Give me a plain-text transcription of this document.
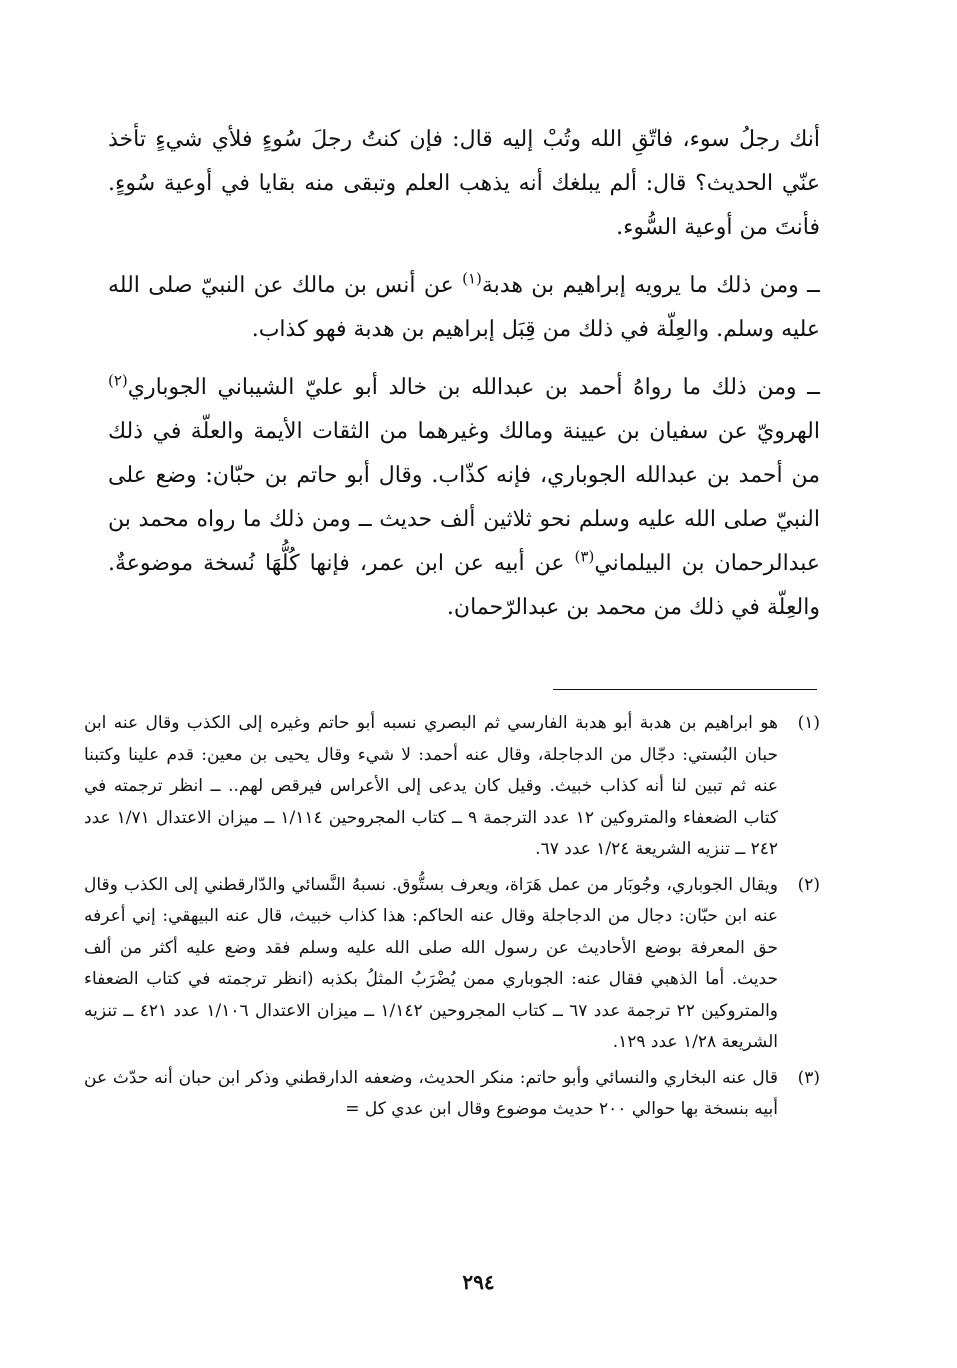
أنك رجلُ سوء، فاتّقِ الله وتُبْ إليه قال: فإن كنتُ رجلَ سُوءٍ فلأي شيءٍ تأخذ عنّي الحديث؟ قال: ألم يبلغك أنه يذهب العلم وتبقى منه بقايا في أوعية سُوءٍ. فأنتَ من أوعية السُّوء.

ــ ومن ذلك ما يرويه إبراهيم بن هدبة$^{(١)}$ عن أنس بن مالك عن النبيّ صلى الله عليه وسلم. والعِلّة في ذلك من قِبَل إبراهيم بن هدبة فهو كذاب.

ــ ومن ذلك ما رواهُ أحمد بن عبدالله بن خالد أبو عليّ الشيباني الجوباري$^{(٢)}$ الهرويّ عن سفيان بن عيينة ومالك وغيرهما من الثقات الأيمة والعلّة في ذلك من أحمد بن عبدالله الجوباري، فإنه كذّاب. وقال أبو حاتم بن حبّان: وضع على النبيّ صلى الله عليه وسلم نحو ثلاثين ألف حديث ــ ومن ذلك ما رواه محمد بن عبدالرحمان بن البيلماني$^{(٣)}$ عن أبيه عن ابن عمر، فإنها كُلُّهَا نُسخة موضوعةٌ. والعِلّة في ذلك من محمد بن عبدالرّحمان.

(١)
هو ابراهيم بن هدبة أبو هدبة الفارسي ثم البصري نسبه أبو حاتم وغيره إلى الكذب وقال عنه ابن حبان البُستي: دجّال من الدجاجلة، وقال عنه أحمد: لا شيء وقال يحيى بن معين: قدم علينا وكتبنا عنه ثم تبين لنا أنه كذاب خبيث. وقيل كان يدعى إلى الأعراس فيرقص لهم.. ــ انظر ترجمته في كتاب الضعفاء والمتروكين ١٢ عدد الترجمة ٩ ــ كتاب المجروحين ١/١١٤ ــ ميزان الاعتدال ١/٧١ عدد ٢٤٢ ــ تنزيه الشريعة ١/٢٤ عدد ٦٧.
(٢)
ويقال الجوباري، وجُوبَار من عمل هَرَاة، ويعرف بستُّوق. نسبهُ النَّسائي والدّارقطني إلى الكذب وقال عنه ابن حبّان: دجال من الدجاجلة وقال عنه الحاكم: هذا كذاب خبيث، قال عنه البيهقي: إني أعرفه حق المعرفة بوضع الأحاديث عن رسول الله صلى الله عليه وسلم فقد وضع عليه أكثر من ألف حديث. أما الذهبي فقال عنه: الجوباري ممن يُضْرَبُ المثلُ بكذبه (انظر ترجمته في كتاب الضعفاء والمتروكين ٢٢ ترجمة عدد ٦٧ ــ كتاب المجروحين ١/١٤٢ ــ ميزان الاعتدال ١/١٠٦ عدد ٤٢١ ــ تنزيه الشريعة ١/٢٨ عدد ١٢٩.
(٣)
قال عنه البخاري والنسائي وأبو حاتم: منكر الحديث، وضعفه الدارقطني وذكر ابن حبان أنه حدّث عن أبيه بنسخة بها حوالي ٢٠٠ حديث موضوع وقال ابن عدي كل =
٢٩٤
